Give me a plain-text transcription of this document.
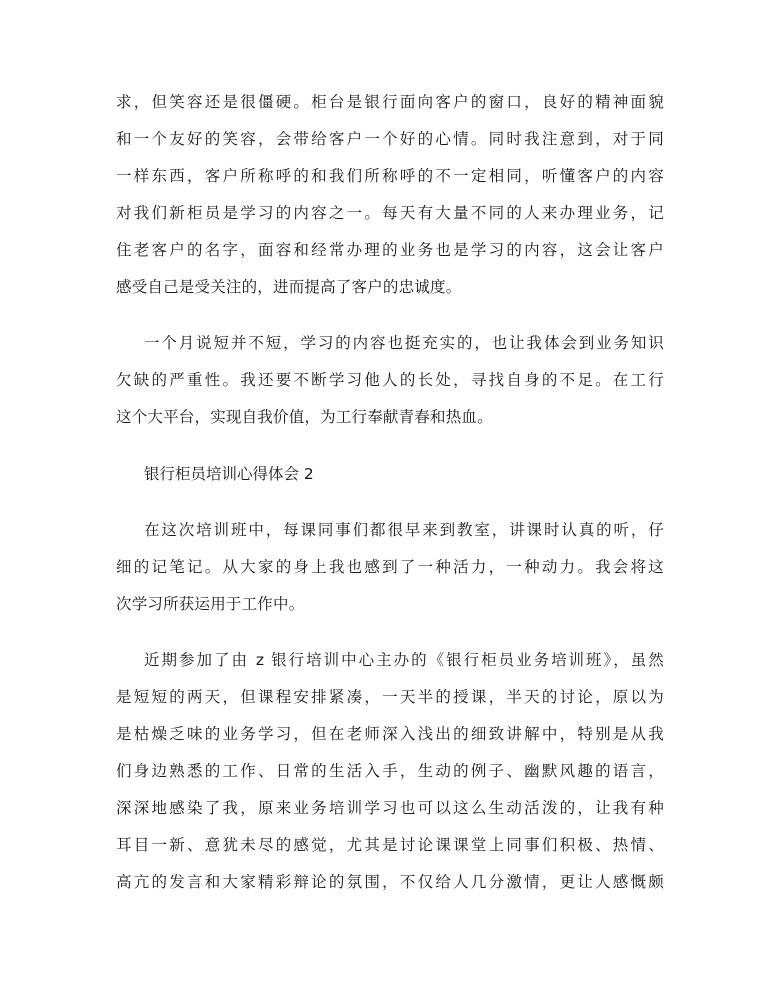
求，但笑容还是很僵硬。柜台是银行面向客户的窗口，良好的精神面貌
和一个友好的笑容，会带给客户一个好的心情。同时我注意到，对于同
一样东西，客户所称呼的和我们所称呼的不一定相同，听懂客户的内容
对我们新柜员是学习的内容之一。每天有大量不同的人来办理业务，记
住老客户的名字，面容和经常办理的业务也是学习的内容，这会让客户
感受自己是受关注的，进而提高了客户的忠诚度。
一个月说短并不短，学习的内容也挺充实的，也让我体会到业务知识
欠缺的严重性。我还要不断学习他人的长处，寻找自身的不足。在工行
这个大平台，实现自我价值，为工行奉献青春和热血。
银行柜员培训心得体会 2
在这次培训班中，每课同事们都很早来到教室，讲课时认真的听，仔
细的记笔记。从大家的身上我也感到了一种活力，一种动力。我会将这
次学习所获运用于工作中。
近期参加了由 z 银行培训中心主办的《银行柜员业务培训班》，虽然
是短短的两天，但课程安排紧凑，一天半的授课，半天的讨论，原以为
是枯燥乏味的业务学习，但在老师深入浅出的细致讲解中，特别是从我
们身边熟悉的工作、日常的生活入手，生动的例子、幽默风趣的语言，
深深地感染了我，原来业务培训学习也可以这么生动活泼的，让我有种
耳目一新、意犹未尽的感觉，尤其是讨论课课堂上同事们积极、热情、
高亢的发言和大家精彩辩论的氛围，不仅给人几分激情，更让人感慨颇
